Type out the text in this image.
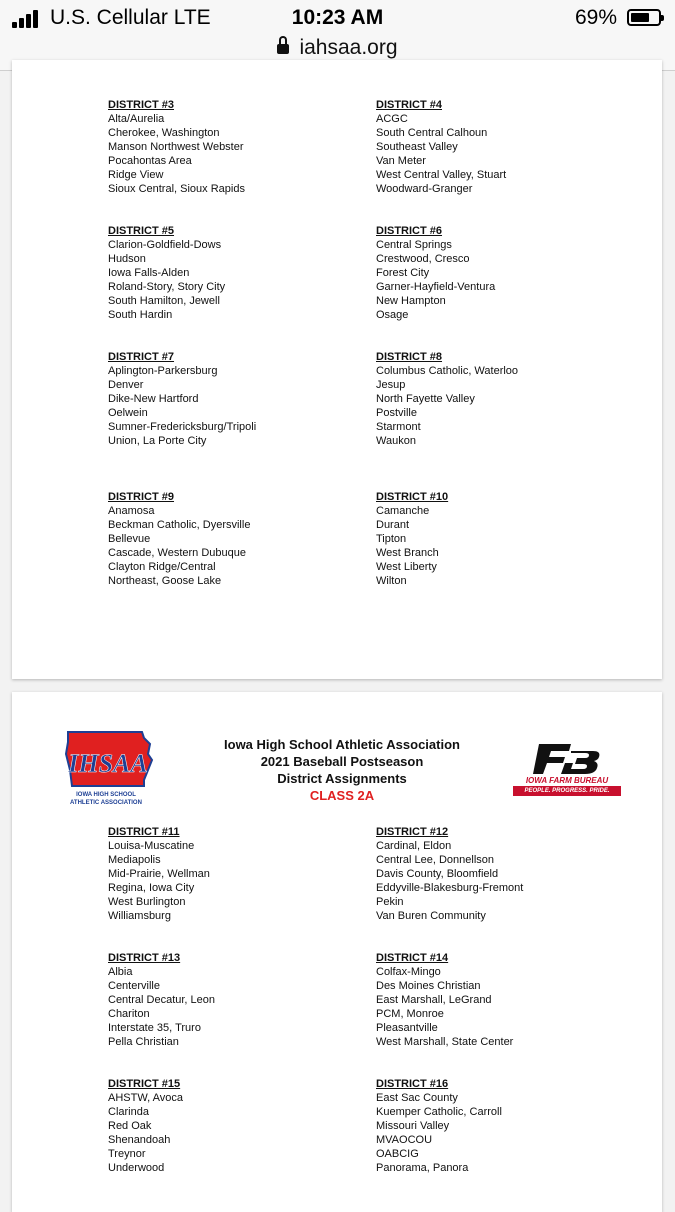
U.S. Cellular LTE	10:23 AM	69%
iahsaa.org
DISTRICT #3
Alta/Aurelia
Cherokee, Washington
Manson Northwest Webster
Pocahontas Area
Ridge View
Sioux Central, Sioux Rapids
DISTRICT #4
ACGC
South Central Calhoun
Southeast Valley
Van Meter
West Central Valley, Stuart
Woodward-Granger
DISTRICT #5
Clarion-Goldfield-Dows
Hudson
Iowa Falls-Alden
Roland-Story, Story City
South Hamilton, Jewell
South Hardin
DISTRICT #6
Central Springs
Crestwood, Cresco
Forest City
Garner-Hayfield-Ventura
New Hampton
Osage
DISTRICT #7
Aplington-Parkersburg
Denver
Dike-New Hartford
Oelwein
Sumner-Fredericksburg/Tripoli
Union, La Porte City
DISTRICT #8
Columbus Catholic, Waterloo
Jesup
North Fayette Valley
Postville
Starmont
Waukon
DISTRICT #9
Anamosa
Beckman Catholic, Dyersville
Bellevue
Cascade, Western Dubuque
Clayton Ridge/Central
Northeast, Goose Lake
DISTRICT #10
Camanche
Durant
Tipton
West Branch
West Liberty
Wilton
IHSAA
IOWA HIGH SCHOOL
ATHLETIC ASSOCIATION
Iowa High School Athletic Association
2021 Baseball Postseason
District Assignments
CLASS 2A
IOWA FARM BUREAU
PEOPLE. PROGRESS. PRIDE.
DISTRICT #11
Louisa-Muscatine
Mediapolis
Mid-Prairie, Wellman
Regina, Iowa City
West Burlington
Williamsburg
DISTRICT #12
Cardinal, Eldon
Central Lee, Donnellson
Davis County, Bloomfield
Eddyville-Blakesburg-Fremont
Pekin
Van Buren Community
DISTRICT #13
Albia
Centerville
Central Decatur, Leon
Chariton
Interstate 35, Truro
Pella Christian
DISTRICT #14
Colfax-Mingo
Des Moines Christian
East Marshall, LeGrand
PCM, Monroe
Pleasantville
West Marshall, State Center
DISTRICT #15
AHSTW, Avoca
Clarinda
Red Oak
Shenandoah
Treynor
Underwood
DISTRICT #16
East Sac County
Kuemper Catholic, Carroll
Missouri Valley
MVAOCOU
OABCIG
Panorama, Panora
